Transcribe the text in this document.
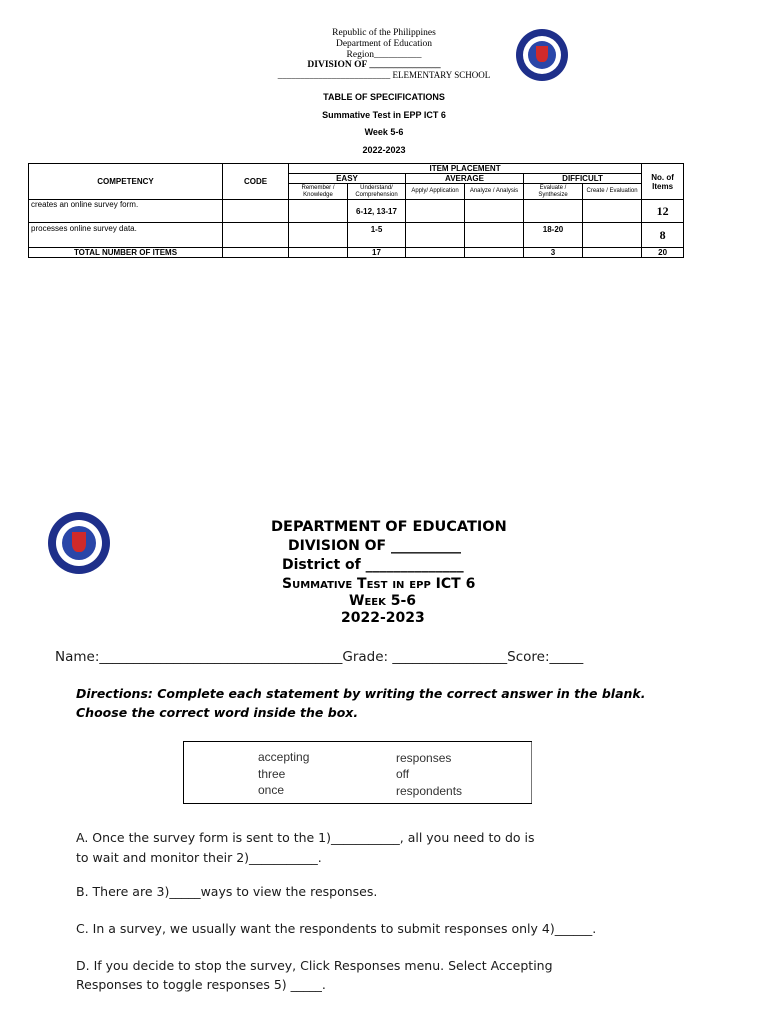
Republic of the Philippines
Department of Education
Region__________
DIVISION OF _______________
_________________________ ELEMENTARY SCHOOL
TABLE OF SPECIFICATIONS
Summative Test in EPP ICT 6
Week 5-6
2022-2023
COMPETENCY	CODE	ITEM PLACEMENT						No. of Items
		EASY		AVERAGE		DIFFICULT		
		Remember / Knowledge	Understand/ Comprehension	Apply/ Application	Analyze / Analysis	Evaluate / Synthesize	Create / Evaluation	
creates an online survey form.			6-12, 13-17					12
processes online survey data.			1-5			18-20		8
TOTAL NUMBER OF ITEMS			17			3		20
DEPARTMENT OF EDUCATION
DIVISION OF __________
District of ______________
Summative Test in epp ICT 6
Week 5-6
2022-2023
Name:____________________________________Grade: _________________Score:_____
Directions: Complete each statement by writing the correct answer in the blank. Choose the correct word inside the box.
accepting	responses
three	off
once	respondents
A. Once the survey form is sent to the 1)___________, all you need to do is
to wait and monitor their 2)___________.
B. There are 3)_____ways to view the responses.
C. In a survey, we usually want the respondents to submit responses only 4)______.
D. If you decide to stop the survey, Click Responses menu. Select Accepting
Responses to toggle responses 5) _____.
